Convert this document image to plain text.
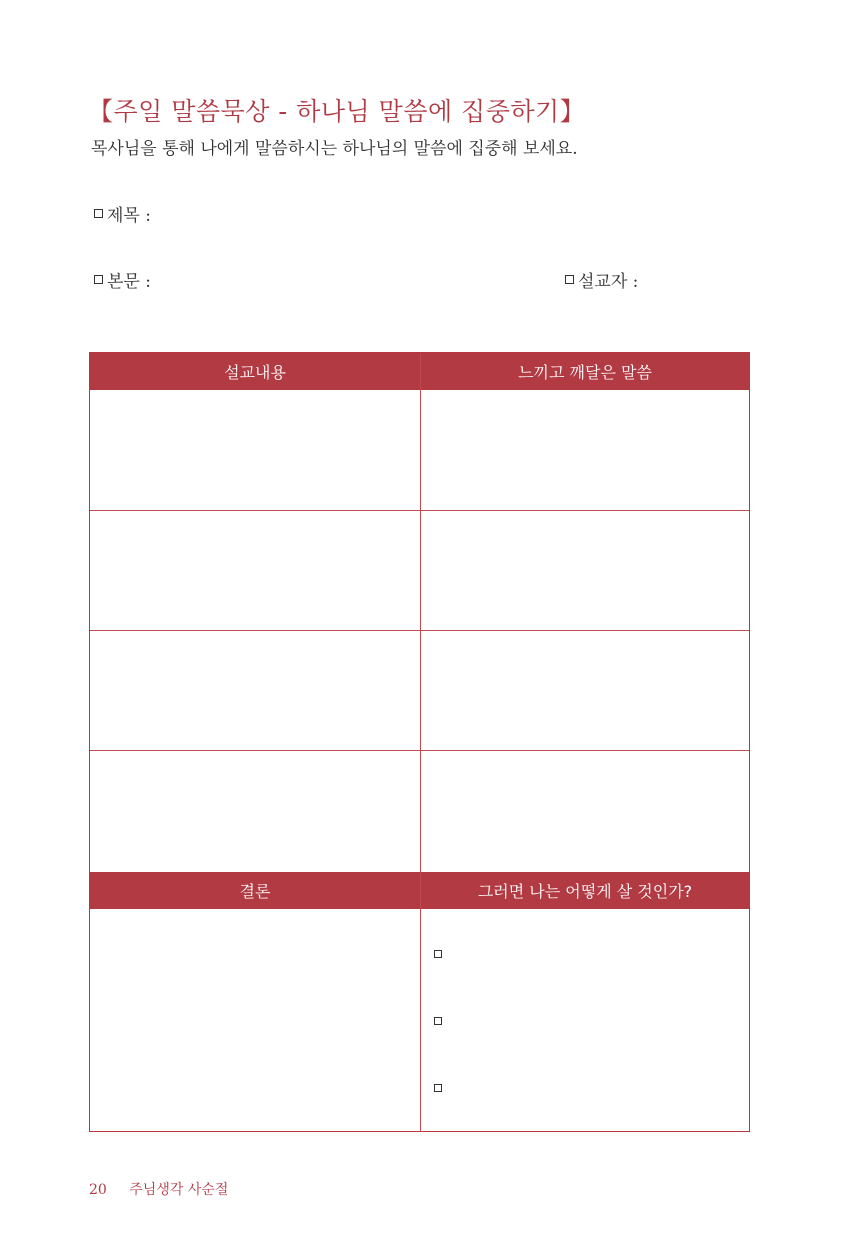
【주일 말씀묵상 - 하나님 말씀에 집중하기】
목사님을 통해 나에게 말씀하시는 하나님의 말씀에 집중해 보세요.
제목 :
본문 :	설교자 :
설교내용	느끼고 깨달은 말씀
결론	그러면 나는 어떻게 살 것인가?
20 주님생각 사순절
